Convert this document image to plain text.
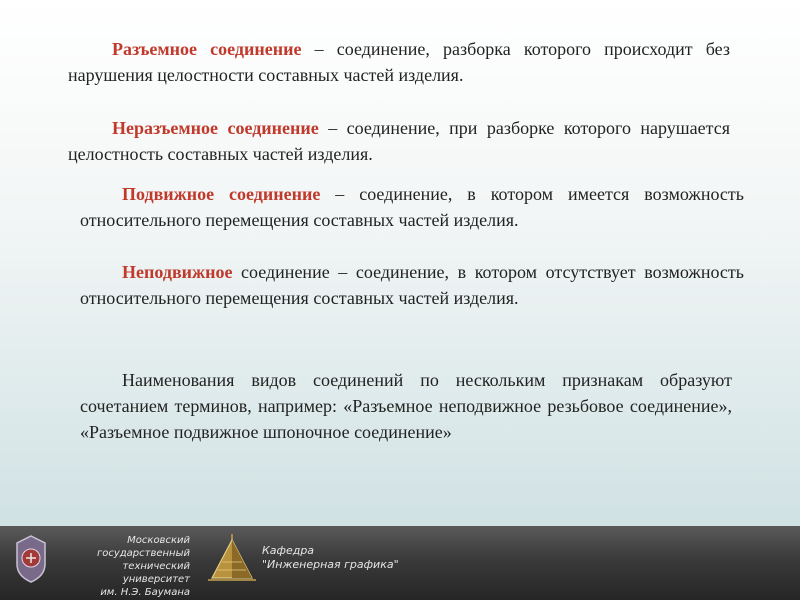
Разъемное соединение – соединение, разборка которого происходит без нарушения целостности составных частей изделия.

Неразъемное соединение – соединение, при разборке которого нарушается целостность составных частей изделия.

Подвижное соединение – соединение, в котором имеется возможность относительного перемещения составных частей изделия.

Неподвижное соединение – соединение, в котором отсутствует возможность относительного перемещения составных частей изделия.

Наименования видов соединений по нескольким признакам образуют сочетанием терминов, например: «Разъемное неподвижное резьбовое соединение», «Разъемное подвижное шпоночное соединение»

Московский государственный
технический университет
им. Н.Э. Баумана
Кафедра
"Инженерная графика"
